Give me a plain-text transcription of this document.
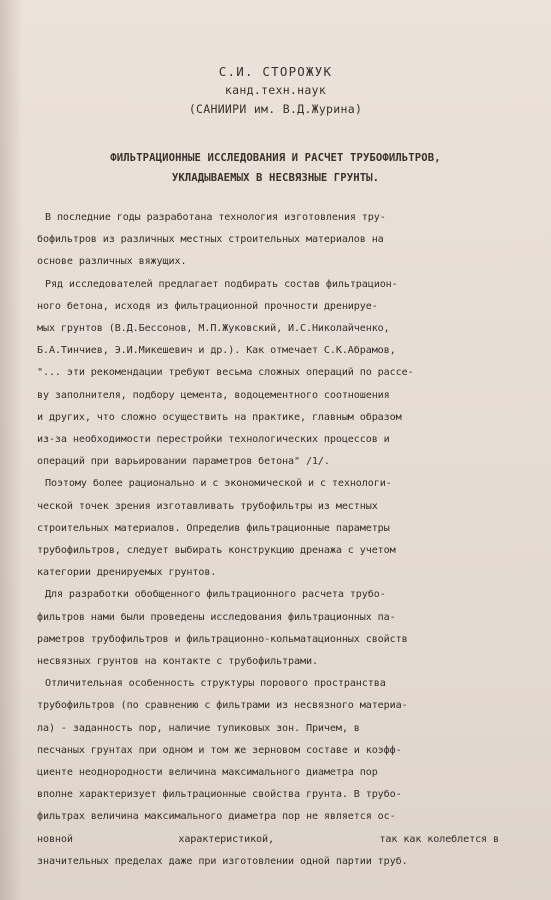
С.И. СТОРОЖУК
канд.техн.наук
(САНИИРИ им. В.Д.Журина)
ФИЛЬТРАЦИОННЫЕ ИССЛЕДОВАНИЯ И РАСЧЕТ ТРУБОФИЛЬТРОВ,
УКЛАДЫВАЕМЫХ В НЕСВЯЗНЫЕ ГРУНТЫ.
В последние годы разработана технология изготовления тру-
бофильтров из различных местных строительных материалов на
основе различных вяжущих.
Ряд исследователей предлагает подбирать состав фильтрацион-
ного бетона, исходя из фильтрационной прочности дренируе-
мых грунтов (В.Д.Бессонов, М.П.Жуковский, И.С.Николайченко,
Б.А.Тинчиев, Э.И.Микешевич и др.). Как отмечает С.К.Абрамов,
"... эти рекомендации требуют весьма сложных операций по рассе-
ву заполнителя, подбору цемента, водоцементного соотношения
и других, что сложно осуществить на практике, главным образом
из-за необходимости перестройки технологических процессов и
операций при варьировании параметров бетона" /1/.
Поэтому более рационально и с экономической и с технологи-
ческой точек зрения изготавливать трубофильтры из местных
строительных материалов. Определив фильтрационные параметры
трубофильтров, следует выбирать конструкцию дренажа с учетом
категории дренируемых грунтов.
Для разработки обобщенного фильтрационного расчета трубо-
фильтров нами были проведены исследования фильтрационных па-
раметров трубофильтров и фильтрационно-кольматационных свойств
несвязных грунтов на контакте с трубофильтрами.
Отличительная особенность структуры порового пространства
трубофильтров (по сравнению с фильтрами из несвязного материа-
ла) - заданность пор, наличие тупиковых зон. Причем, в
песчаных грунтах при одном и том же зерновом составе и коэфф-
циенте неоднородности величина максимального диаметра пор
вполне характеризует фильтрационные свойства грунта. В трубо-
фильтрах величина максимального диаметра пор не является ос-
новной	характеристикой,	так как колеблется в
значительных пределах даже при изготовлении одной партии труб.
